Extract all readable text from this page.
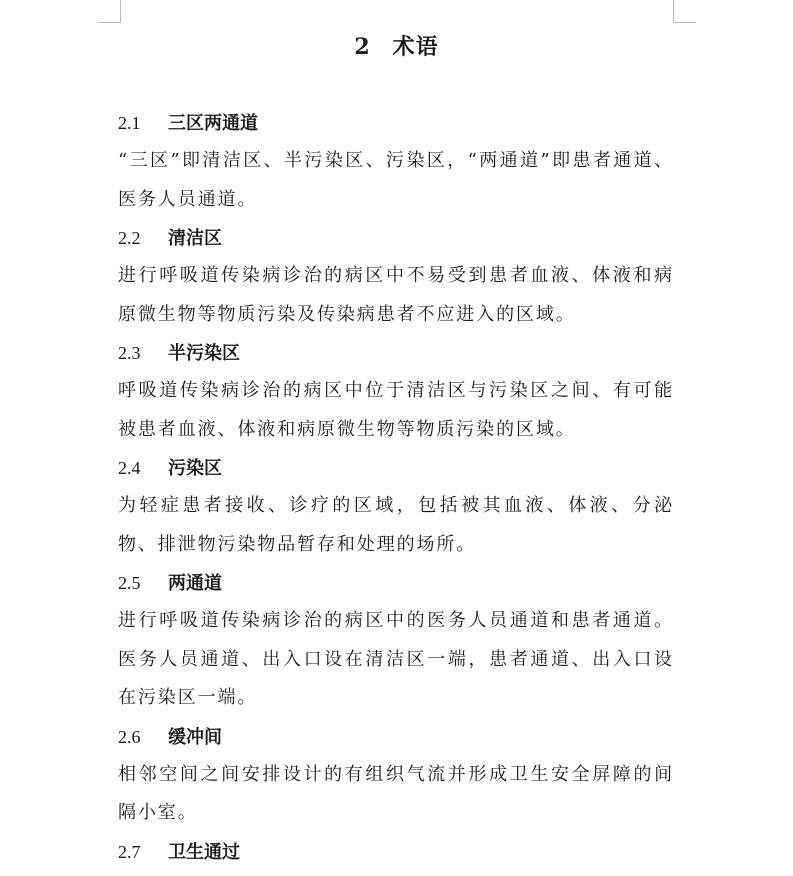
2 术语
2.1 三区两通道

“三区”即清洁区、半污染区、污染区，“两通道”即患者通道、医务人员通道。

2.2 清洁区

进行呼吸道传染病诊治的病区中不易受到患者血液、体液和病原微生物等物质污染及传染病患者不应进入的区域。

2.3 半污染区

呼吸道传染病诊治的病区中位于清洁区与污染区之间、有可能被患者血液、体液和病原微生物等物质污染的区域。

2.4 污染区

为轻症患者接收、诊疗的区域，包括被其血液、体液、分泌物、排泄物污染物品暂存和处理的场所。

2.5 两通道

进行呼吸道传染病诊治的病区中的医务人员通道和患者通道。医务人员通道、出入口设在清洁区一端，患者通道、出入口设在污染区一端。

2.6 缓冲间

相邻空间之间安排设计的有组织气流并形成卫生安全屏障的间隔小室。

2.7 卫生通过
